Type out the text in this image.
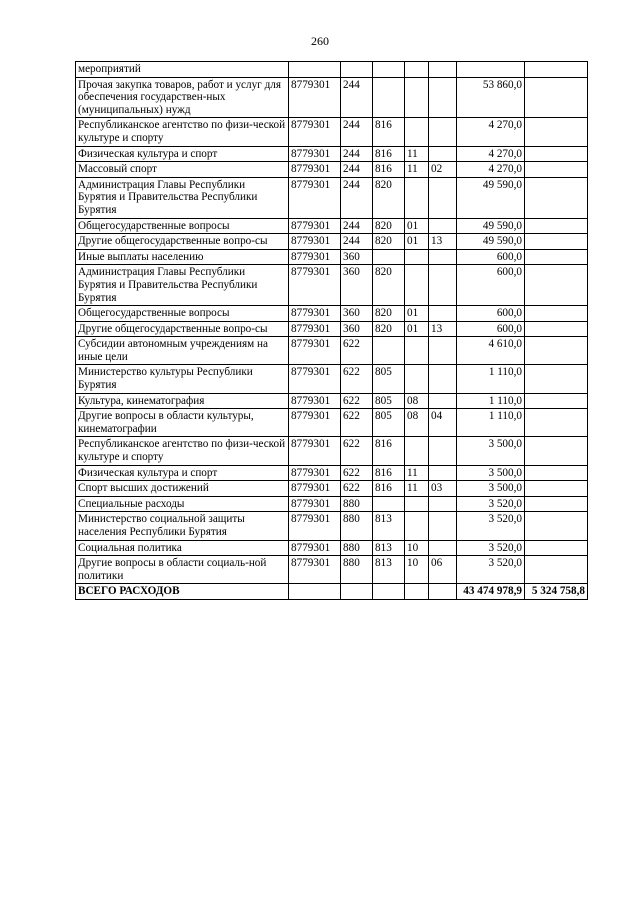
260
мероприятий							
Прочая закупка товаров, работ и услуг для обеспечения государствен-ных (муниципальных) нужд	8779301	244				53 860,0	
Республиканское агентство по физи-ческой культуре и спорту	8779301	244	816			4 270,0	
Физическая культура и спорт	8779301	244	816	11		4 270,0	
Массовый спорт	8779301	244	816	11	02	4 270,0	
Администрация Главы Республики Бурятия и Правительства Республики Бурятия	8779301	244	820			49 590,0	
Общегосударственные вопросы	8779301	244	820	01		49 590,0	
Другие общегосударственные вопро-сы	8779301	244	820	01	13	49 590,0	
Иные выплаты населению	8779301	360				600,0	
Администрация Главы Республики Бурятия и Правительства Республики Бурятия	8779301	360	820			600,0	
Общегосударственные вопросы	8779301	360	820	01		600,0	
Другие общегосударственные вопро-сы	8779301	360	820	01	13	600,0	
Субсидии автономным учреждениям на иные цели	8779301	622				4 610,0	
Министерство культуры Республики Бурятия	8779301	622	805			1 110,0	
Культура, кинематография	8779301	622	805	08		1 110,0	
Другие вопросы в области культуры, кинематографии	8779301	622	805	08	04	1 110,0	
Республиканское агентство по физи-ческой культуре и спорту	8779301	622	816			3 500,0	
Физическая культура и спорт	8779301	622	816	11		3 500,0	
Спорт высших достижений	8779301	622	816	11	03	3 500,0	
Специальные расходы	8779301	880				3 520,0	
Министерство социальной защиты населения Республики Бурятия	8779301	880	813			3 520,0	
Социальная политика	8779301	880	813	10		3 520,0	
Другие вопросы в области социаль-ной политики	8779301	880	813	10	06	3 520,0	
ВСЕГО РАСХОДОВ						43 474 978,9	5 324 758,8
